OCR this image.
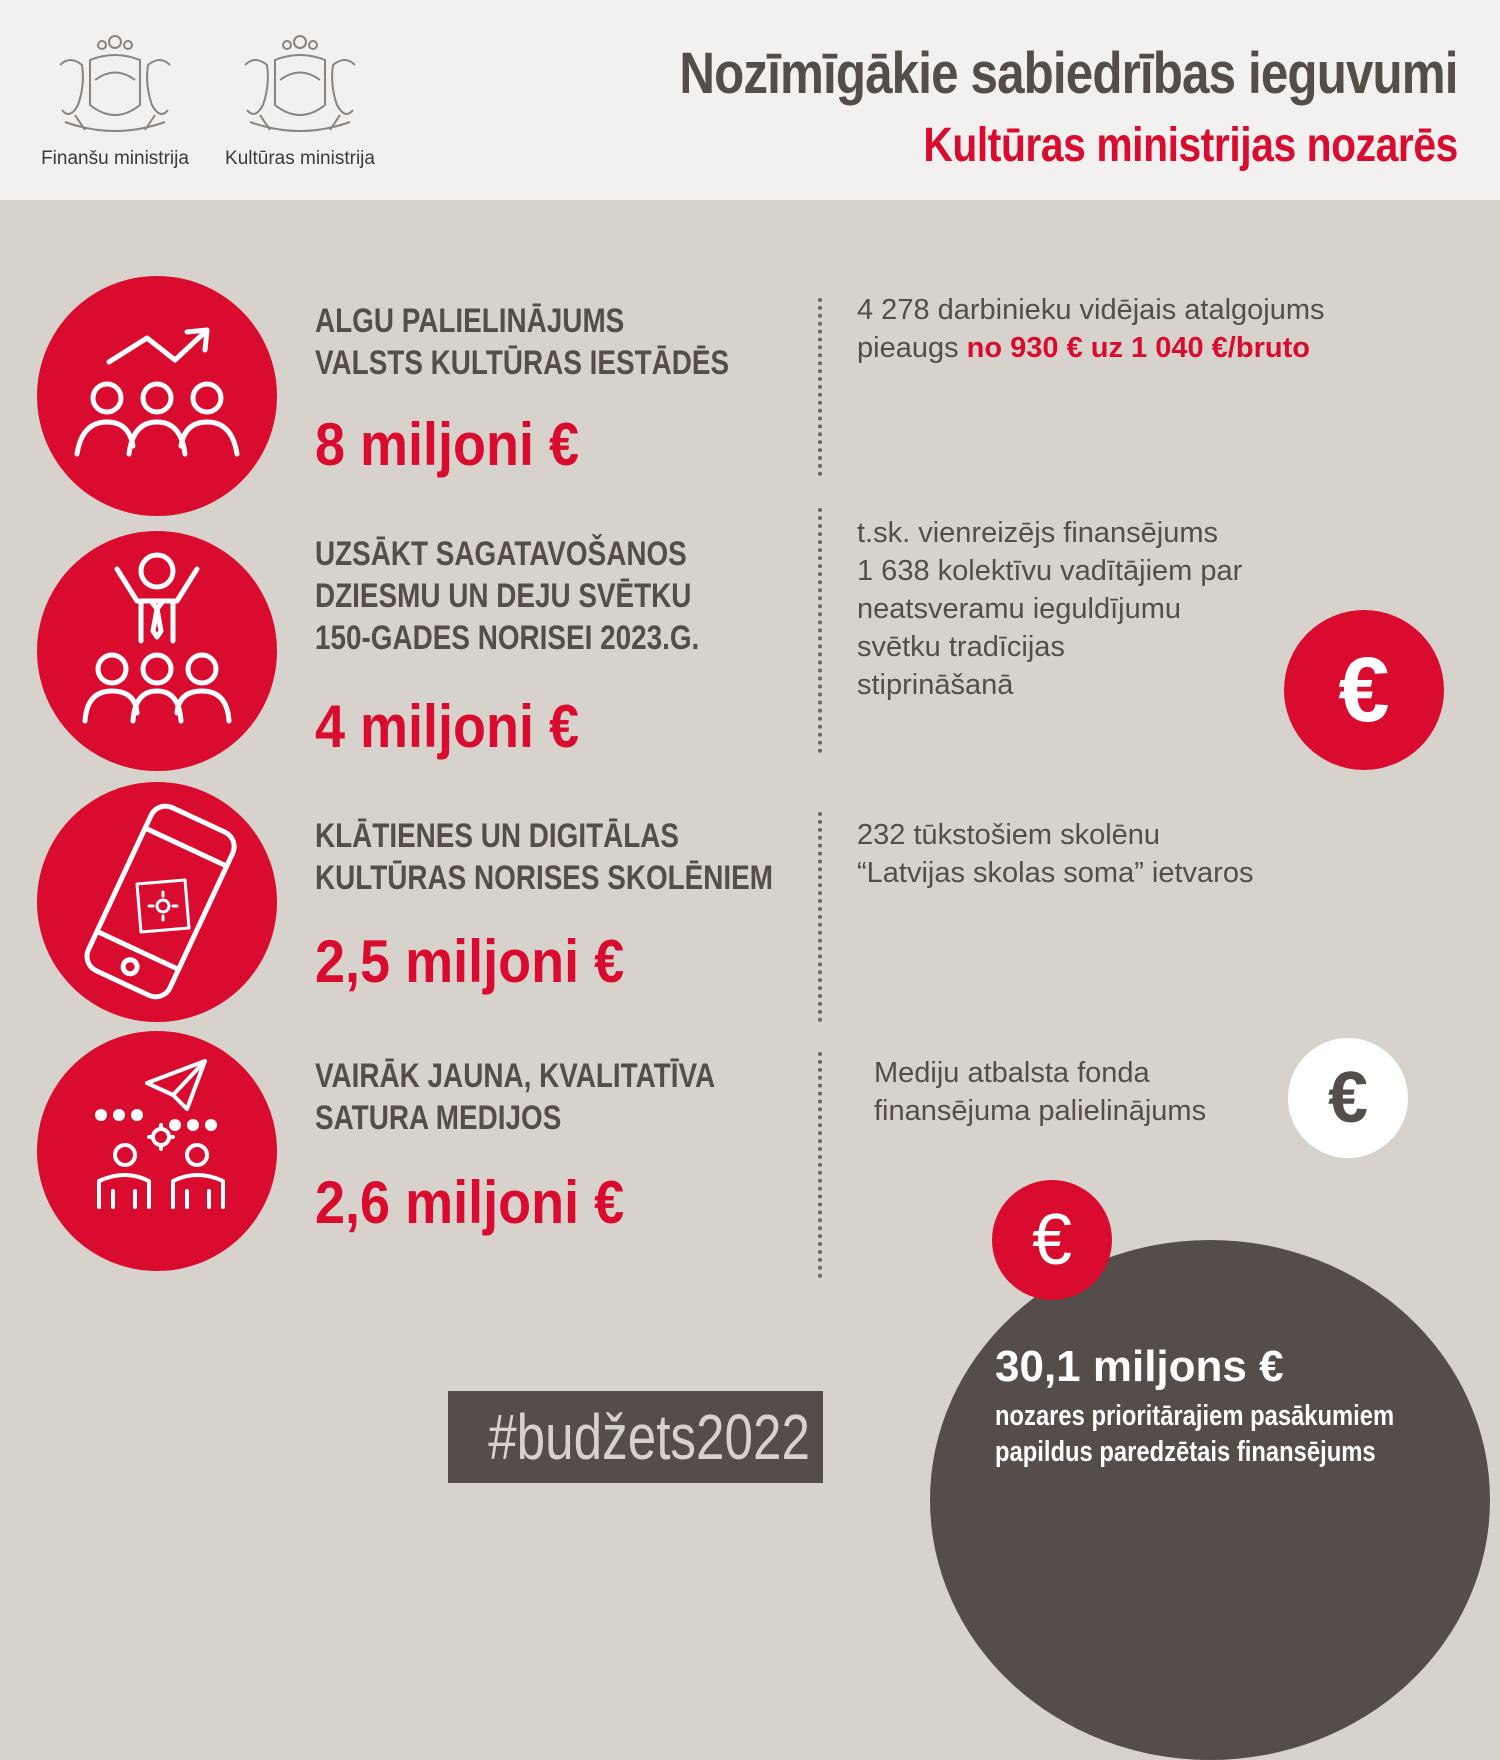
Finanšu ministrija	Kultūras ministrija
Nozīmīgākie sabiedrības ieguvumi
Kultūras ministrijas nozarēs
ALGU PALIELINĀJUMS
VALSTS KULTŪRAS IESTĀDĒS
8 miljoni €
4 278 darbinieku vidējais atalgojums
pieaugs no 930 € uz 1 040 €/bruto
UZSĀKT SAGATAVOŠANOS
DZIESMU UN DEJU SVĒTKU
150-GADES NORISEI 2023.G.
4 miljoni €
t.sk. vienreizējs finansējums
1 638 kolektīvu vadītājiem par
neatsveramu ieguldījumu
svētku tradīcijas
stiprināšanā	€
KLĀTIENES UN DIGITĀLAS
KULTŪRAS NORISES SKOLĒNIEM
2,5 miljoni €
232 tūkstošiem skolēnu
“Latvijas skolas soma” ietvaros
VAIRĀK JAUNA, KVALITATĪVA
SATURA MEDIJOS
2,6 miljoni €
Mediju atbalsta fonda
finansējuma palielinājums	€
€
30,1 miljons €
nozares prioritārajiem pasākumiem
papildus paredzētais finansējums
#budžets2022
